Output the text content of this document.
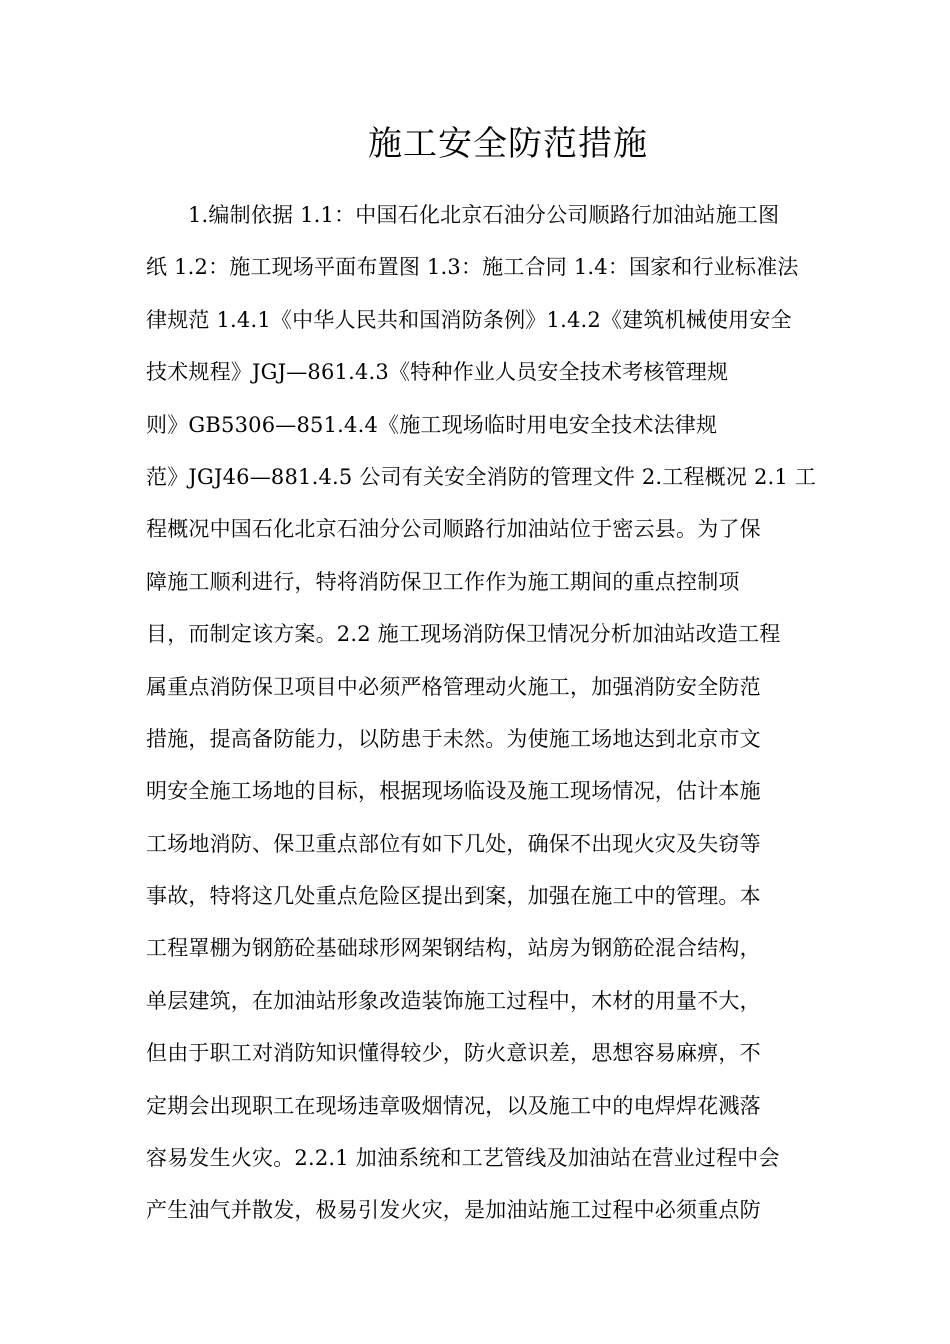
施工安全防范措施
1.编制依据 1.1：中国石化北京石油分公司顺路行加油站施工图
纸 1.2：施工现场平面布置图 1.3：施工合同 1.4：国家和行业标准法
律规范 1.4.1《中华人民共和国消防条例》1.4.2《建筑机械使用安全
技术规程》JGJ—861.4.3《特种作业人员安全技术考核管理规
则》GB5306—851.4.4《施工现场临时用电安全技术法律规
范》JGJ46—881.4.5 公司有关安全消防的管理文件 2.工程概况 2.1 工
程概况中国石化北京石油分公司顺路行加油站位于密云县。为了保
障施工顺利进行，特将消防保卫工作作为施工期间的重点控制项
目，而制定该方案。2.2 施工现场消防保卫情况分析加油站改造工程
属重点消防保卫项目中必须严格管理动火施工，加强消防安全防范
措施，提高备防能力，以防患于未然。为使施工场地达到北京市文
明安全施工场地的目标，根据现场临设及施工现场情况，估计本施
工场地消防、保卫重点部位有如下几处，确保不出现火灾及失窃等
事故，特将这几处重点危险区提出到案，加强在施工中的管理。本
工程罩棚为钢筋砼基础球形网架钢结构，站房为钢筋砼混合结构，
单层建筑，在加油站形象改造装饰施工过程中，木材的用量不大，
但由于职工对消防知识懂得较少，防火意识差，思想容易麻痹，不
定期会出现职工在现场违章吸烟情况，以及施工中的电焊焊花溅落
容易发生火灾。2.2.1 加油系统和工艺管线及加油站在营业过程中会
产生油气并散发，极易引发火灾，是加油站施工过程中必须重点防
